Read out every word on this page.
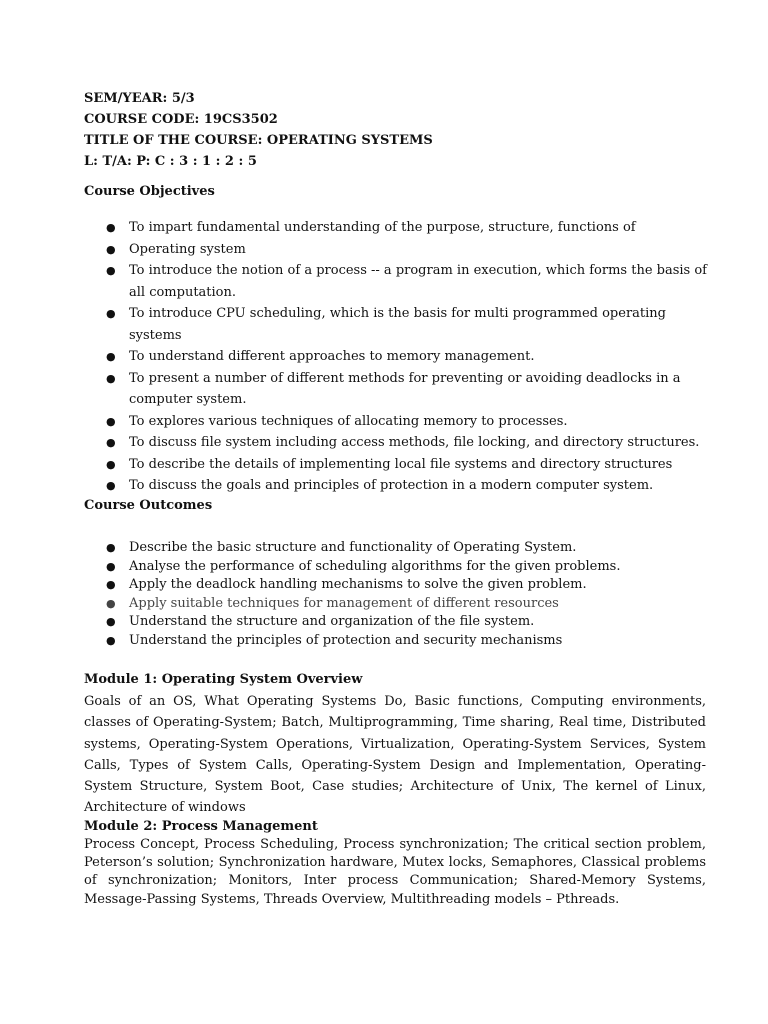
SEM/YEAR: 5/3
COURSE CODE: 19CS3502
TITLE OF THE COURSE: OPERATING SYSTEMS
L: T/A: P: C : 3 : 1 : 2 : 5
Course Objectives
● To impart fundamental understanding of the purpose, structure, functions of
● Operating system
● To introduce the notion of a process -- a program in execution, which forms the basis of all computation.
● To introduce CPU scheduling, which is the basis for multi programmed operating systems
● To understand different approaches to memory management.
● To present a number of different methods for preventing or avoiding deadlocks in a computer system.
● To explores various techniques of allocating memory to processes.
● To discuss file system including access methods, file locking, and directory structures.
● To describe the details of implementing local file systems and directory structures
● To discuss the goals and principles of protection in a modern computer system.
Course Outcomes
● Describe the basic structure and functionality of Operating System.
● Analyse the performance of scheduling algorithms for the given problems.
● Apply the deadlock handling mechanisms to solve the given problem.
● Apply suitable techniques for management of different resources
● Understand the structure and organization of the file system.
● Understand the principles of protection and security mechanisms
Module 1: Operating System Overview
Goals of an OS, What Operating Systems Do, Basic functions, Computing environments, classes of Operating-System; Batch, Multiprogramming, Time sharing, Real time, Distributed systems, Operating-System Operations, Virtualization, Operating-System Services, System Calls, Types of System Calls, Operating-System Design and Implementation, Operating-System Structure, System Boot, Case studies; Architecture of Unix, The kernel of Linux, Architecture of windows
Module 2: Process Management
Process Concept, Process Scheduling, Process synchronization; The critical section problem, Peterson’s solution; Synchronization hardware, Mutex locks, Semaphores, Classical problems of synchronization; Monitors, Inter process Communication; Shared-Memory Systems, Message-Passing Systems, Threads Overview, Multithreading models – Pthreads.
